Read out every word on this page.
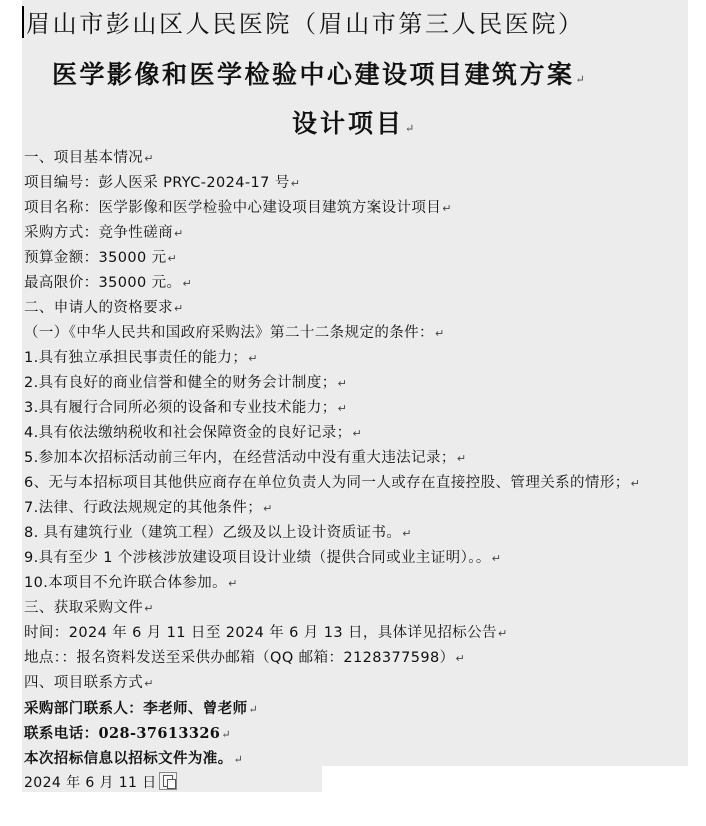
眉山市彭山区人民医院（眉山市第三人民医院）
医学影像和医学检验中心建设项目建筑方案↵
设计项目↵
一、项目基本情况↵
项目编号：彭人医采 PRYC-2024-17 号↵
项目名称：医学影像和医学检验中心建设项目建筑方案设计项目↵
采购方式：竞争性磋商↵
预算金额：35000 元↵
最高限价：35000 元。↵
二、申请人的资格要求↵
（一）《中华人民共和国政府采购法》第二十二条规定的条件：↵
1.具有独立承担民事责任的能力；↵
2.具有良好的商业信誉和健全的财务会计制度；↵
3.具有履行合同所必须的设备和专业技术能力；↵
4.具有依法缴纳税收和社会保障资金的良好记录；↵
5.参加本次招标活动前三年内，在经营活动中没有重大违法记录；↵
6、无与本招标项目其他供应商存在单位负责人为同一人或存在直接控股、管理关系的情形；↵
7.法律、行政法规规定的其他条件；↵
8. 具有建筑行业（建筑工程）乙级及以上设计资质证书。↵
9.具有至少 1 个涉核涉放建设项目设计业绩（提供合同或业主证明）。。↵
10.本项目不允许联合体参加。↵
三、获取采购文件↵
时间：2024 年 6 月 11 日至 2024 年 6 月 13 日，具体详见招标公告↵
地点：：报名资料发送至采供办邮箱（QQ 邮箱：2128377598）↵
四、项目联系方式↵
采购部门联系人：李老师、曾老师↵
联系电话：028-37613326↵
本次招标信息以招标文件为准。↵
2024 年 6 月 11 日
